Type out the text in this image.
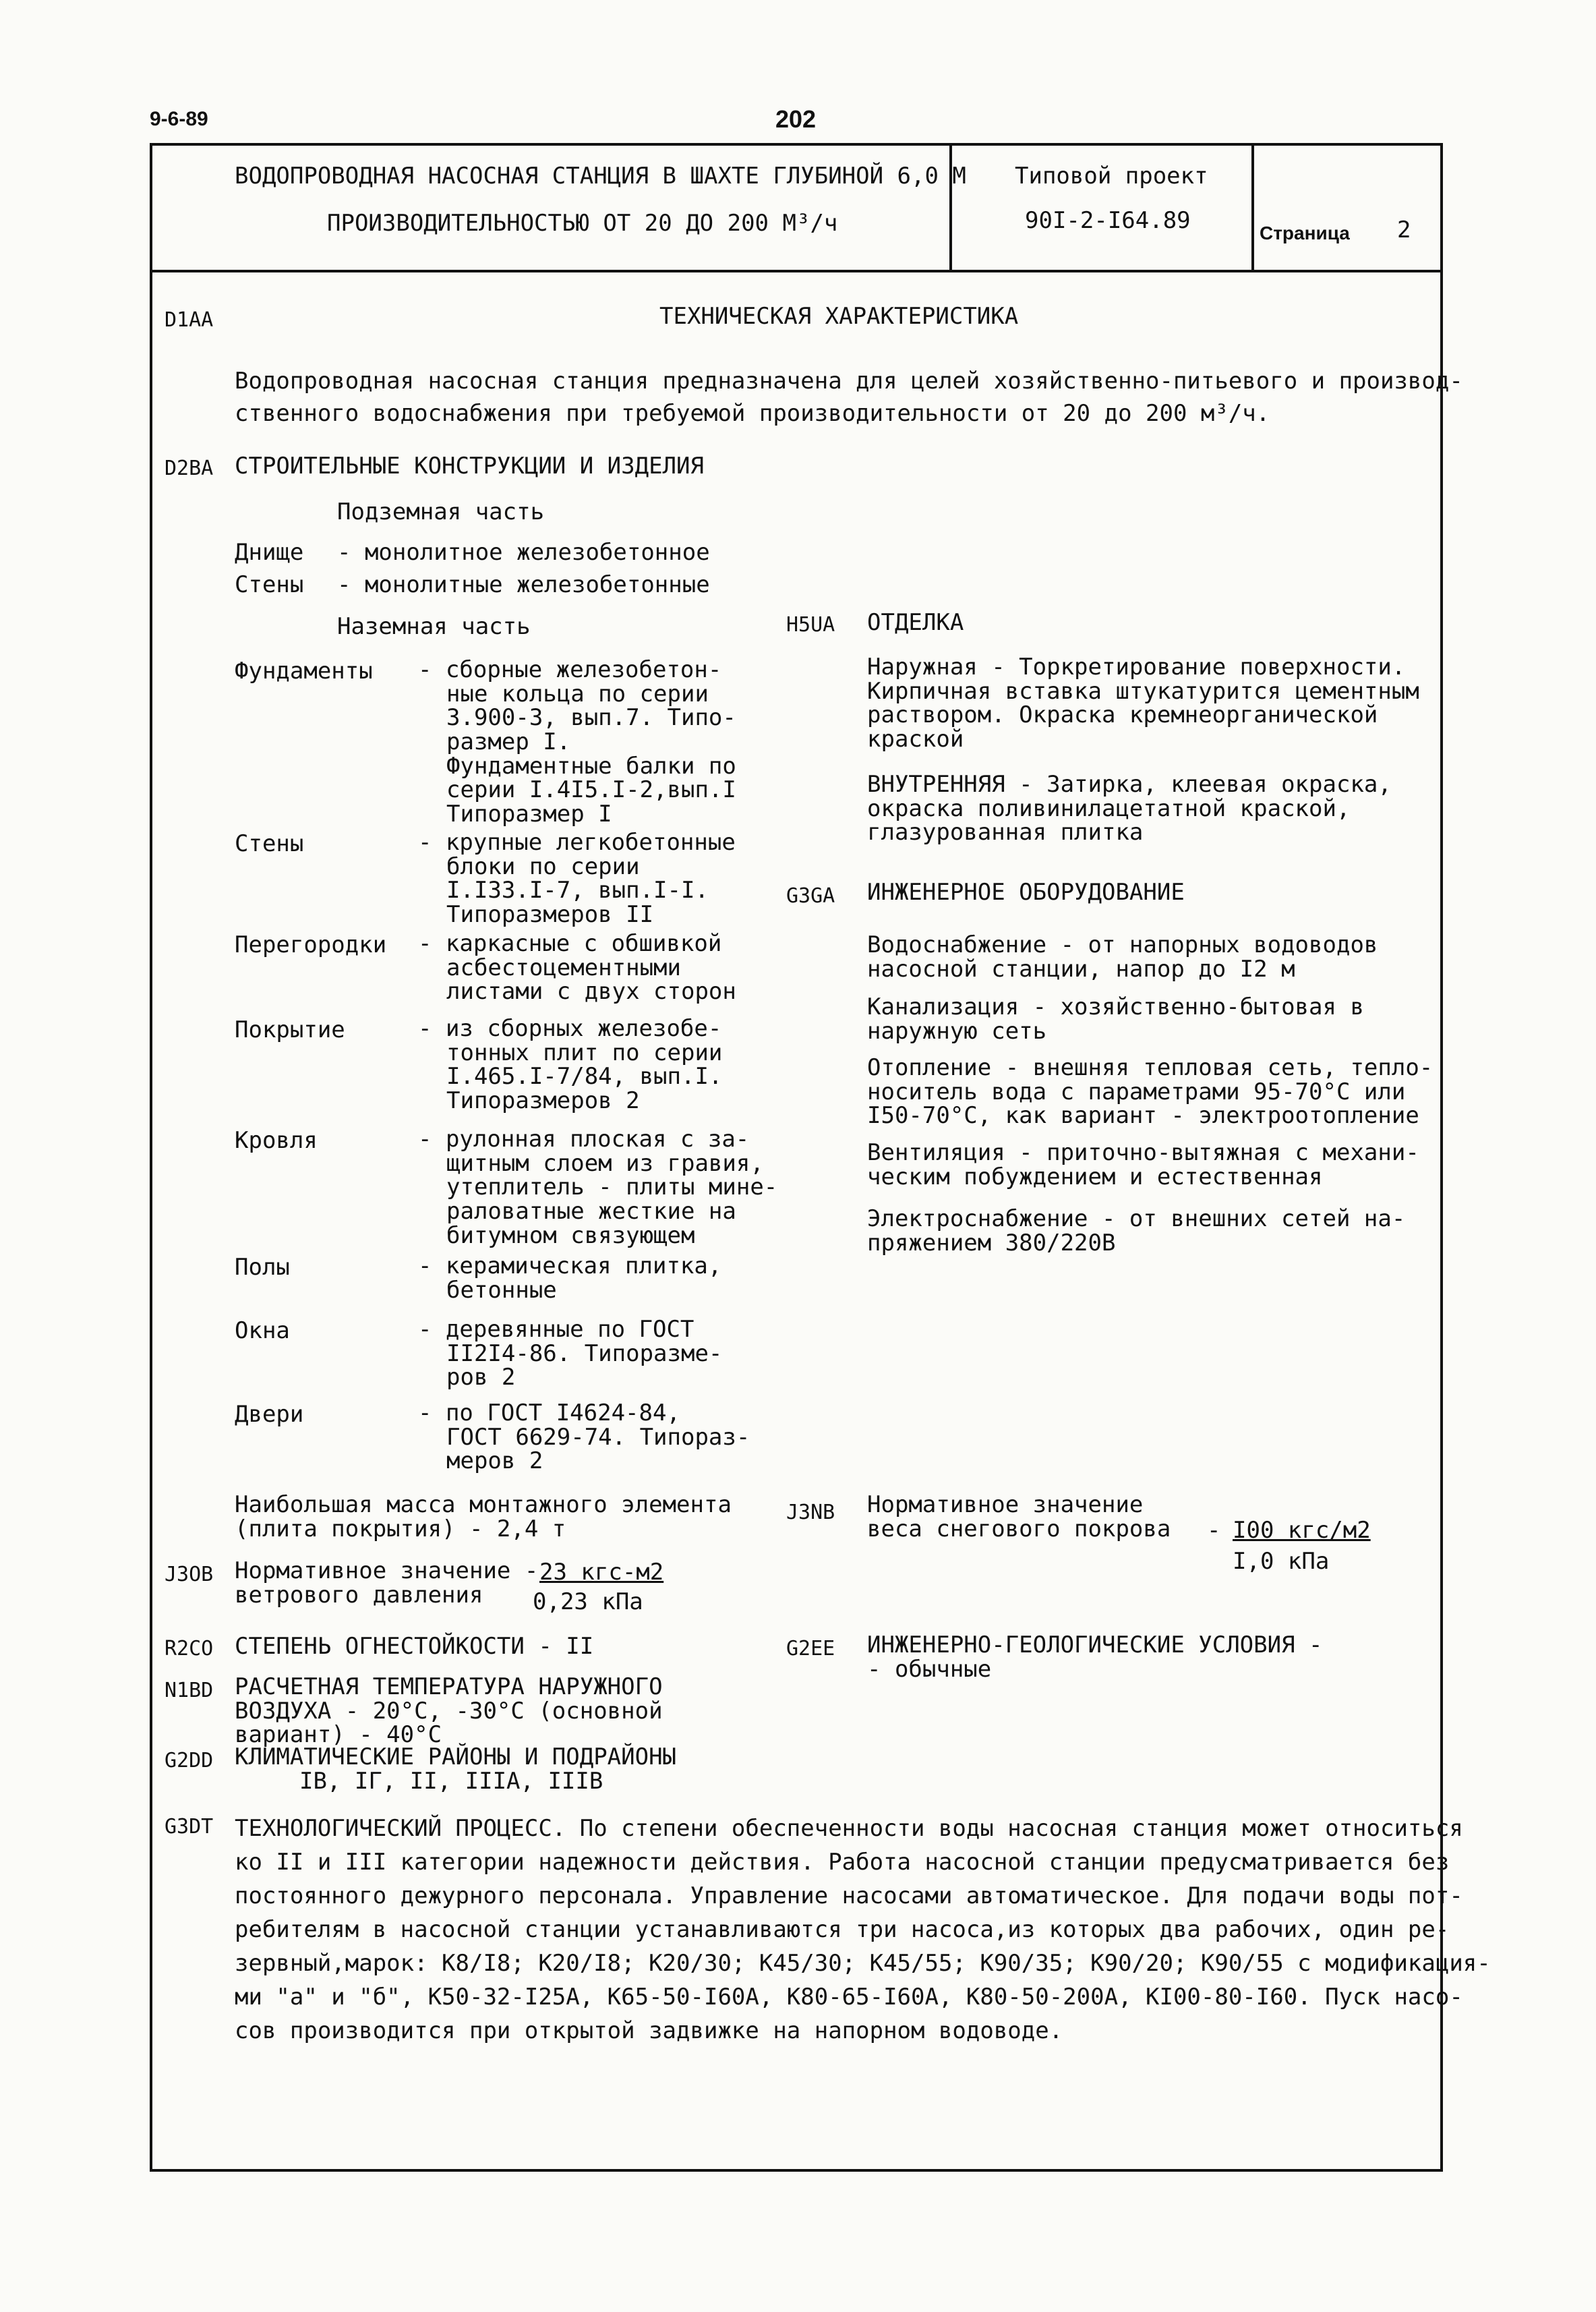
9-6-89	202
ВОДОПРОВОДНАЯ НАСОСНАЯ СТАНЦИЯ В ШАХТЕ ГЛУБИНОЙ 6,0 М
ПРОИЗВОДИТЕЛЬНОСТЬЮ ОТ 20 ДО 200 М³/ч
Типовой проект
90I-2-I64.89	Страница 2
D1AA	ТЕХНИЧЕСКАЯ ХАРАКТЕРИСТИКА
Водопроводная насосная станция предназначена для целей хозяйственно-питьевого и производ-
ственного водоснабжения при требуемой производительности от 20 до 200 м³/ч.
D2BA СТРОИТЕЛЬНЫЕ КОНСТРУКЦИИ И ИЗДЕЛИЯ
Подземная часть
Днище - монолитное железобетонное
Стены - монолитные железобетонные
Наземная часть
Фундаменты - сборные железобетон-
ные кольца по серии
3.900-3, вып.7. Типо-
размер I.
Фундаментные балки по
серии I.4I5.I-2,вып.I
Типоразмер I
Стены	- крупные легкобетонные
блоки по серии
I.I33.I-7, вып.I-I.
Типоразмеров II
Перегородки - каркасные с обшивкой
асбестоцементными
листами с двух сторон
Покрытие	- из сборных железобе-
тонных плит по серии
I.465.I-7/84, вып.I.
Типоразмеров 2
Кровля	- рулонная плоская с за-
щитным слоем из гравия,
утеплитель - плиты мине-
раловатные жесткие на
битумном связующем
Полы	- керамическая плитка,
бетонные
Окна	- деревянные по ГОСТ
II2I4-86. Типоразме-
ров 2
Двери	- по ГОСТ I4624-84,
ГОСТ 6629-74. Типораз-
меров 2
Наибольшая масса монтажного элемента
(плита покрытия) - 2,4 т
J3OB Нормативное значение -
ветрового давления
23 кгс-м2
0,23 кПа
R2CO СТЕПЕНЬ ОГНЕСТОЙКОСТИ - II
N1BD РАСЧЕТНАЯ ТЕМПЕРАТУРА НАРУЖНОГО
ВОЗДУХА - 20°С, -30°С (основной
вариант) - 40°С
G2DD КЛИМАТИЧЕСКИЕ РАЙОНЫ И ПОДРАЙОНЫ
IВ, IГ, II, IIIА, IIIВ
G3DT ТЕХНОЛОГИЧЕСКИЙ ПРОЦЕСС. По степени обеспеченности воды насосная станция может относиться
ко II и III категории надежности действия. Работа насосной станции предусматривается без
постоянного дежурного персонала. Управление насосами автоматическое. Для подачи воды пот-
ребителям в насосной станции устанавливаются три насоса,из которых два рабочих, один ре-
зервный,марок: К8/I8; К20/I8; К20/30; К45/30; К45/55; К90/35; К90/20; К90/55 с модификация-
ми "а" и "б", К50-32-I25А, К65-50-I60А, К80-65-I60А, К80-50-200А, КI00-80-I60. Пуск насо-
сов производится при открытой задвижке на напорном водоводе.
H5UA ОТДЕЛКА
Наружная - Торкретирование поверхности.
Кирпичная вставка штукатурится цементным
раствором. Окраска кремнеорганической
краской
ВНУТРЕННЯЯ - Затирка, клеевая окраска,
окраска поливинилацетатной краской,
глазурованная плитка
G3GA ИНЖЕНЕРНОЕ ОБОРУДОВАНИЕ
Водоснабжение - от напорных водоводов
насосной станции, напор до I2 м
Канализация - хозяйственно-бытовая в
наружную сеть
Отопление - внешняя тепловая сеть, тепло-
носитель вода с параметрами 95-70°С или
I50-70°С, как вариант - электроотопление
Вентиляция - приточно-вытяжная с механи-
ческим побуждением и естественная
Электроснабжение - от внешних сетей на-
пряжением 380/220В
J3NB Нормативное значение
веса снегового покрова - I00 кгс/м2
I,0 кПа
G2EE ИНЖЕНЕРНО-ГЕОЛОГИЧЕСКИЕ УСЛОВИЯ -
- обычные
